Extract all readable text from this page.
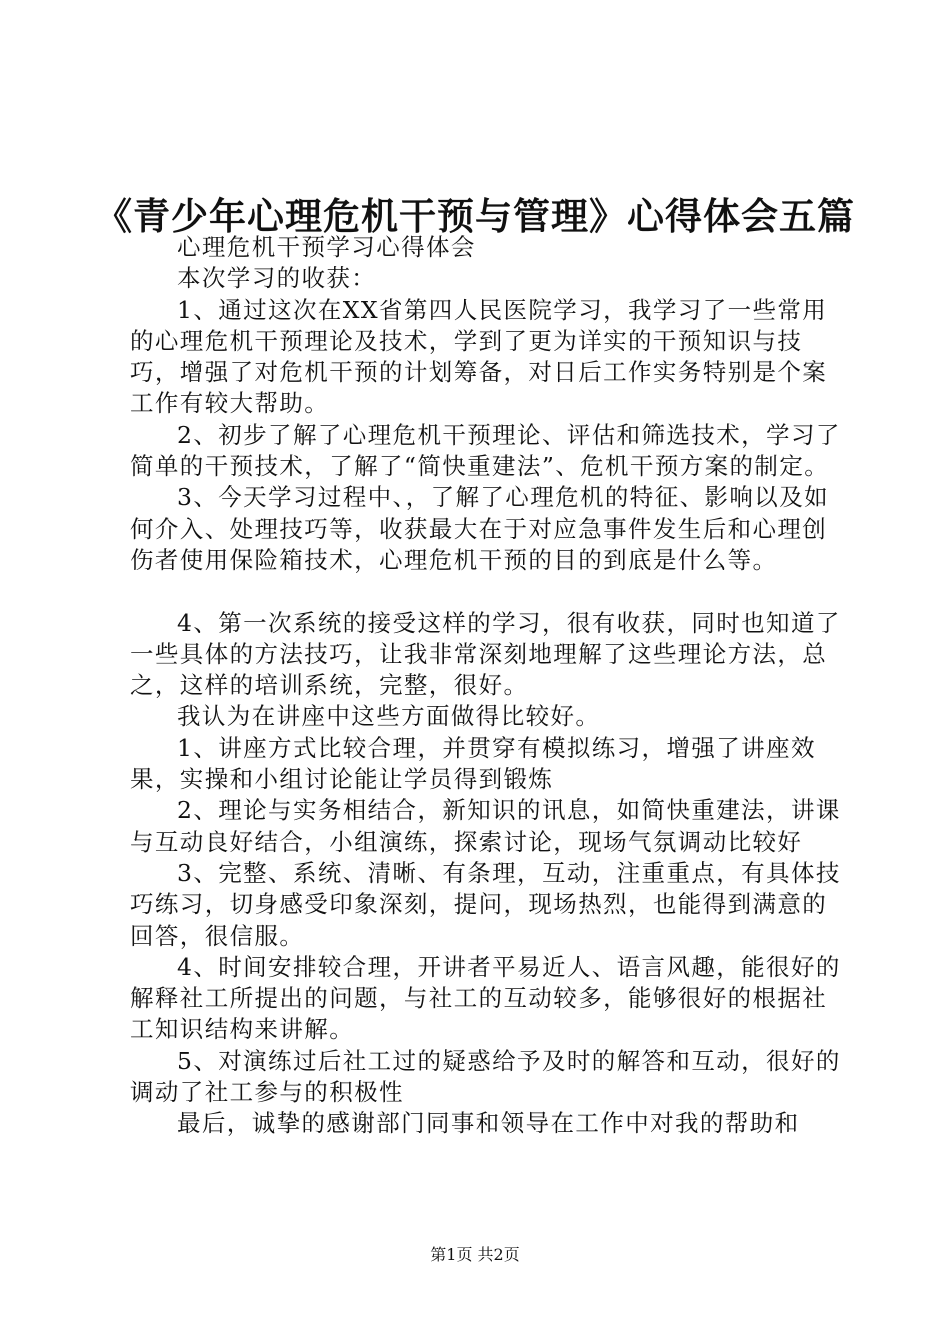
《青少年心理危机干预与管理》心得体会五篇

心理危机干预学习心得体会

本次学习的收获：

1、通过这次在XX省第四人民医院学习，我学习了一些常用的心理危机干预理论及技术，学到了更为详实的干预知识与技巧，增强了对危机干预的计划筹备，对日后工作实务特别是个案工作有较大帮助。

2、初步了解了心理危机干预理论、评估和筛选技术，学习了简单的干预技术，了解了“简快重建法”、危机干预方案的制定。

3、今天学习过程中、，了解了心理危机的特征、影响以及如何介入、处理技巧等，收获最大在于对应急事件发生后和心理创伤者使用保险箱技术，心理危机干预的目的到底是什么等。

4、第一次系统的接受这样的学习，很有收获，同时也知道了一些具体的方法技巧，让我非常深刻地理解了这些理论方法，总之，这样的培训系统，完整，很好。

我认为在讲座中这些方面做得比较好。

1、讲座方式比较合理，并贯穿有模拟练习，增强了讲座效果，实操和小组讨论能让学员得到锻炼

2、理论与实务相结合，新知识的讯息，如简快重建法，讲课与互动良好结合，小组演练，探索讨论，现场气氛调动比较好

3、完整、系统、清晰、有条理，互动，注重重点，有具体技巧练习，切身感受印象深刻，提问，现场热烈，也能得到满意的回答，很信服。

4、时间安排较合理，开讲者平易近人、语言风趣，能很好的解释社工所提出的问题，与社工的互动较多，能够很好的根据社工知识结构来讲解。

5、对演练过后社工过的疑惑给予及时的解答和互动，很好的调动了社工参与的积极性

最后，诚挚的感谢部门同事和领导在工作中对我的帮助和

第1页 共2页
